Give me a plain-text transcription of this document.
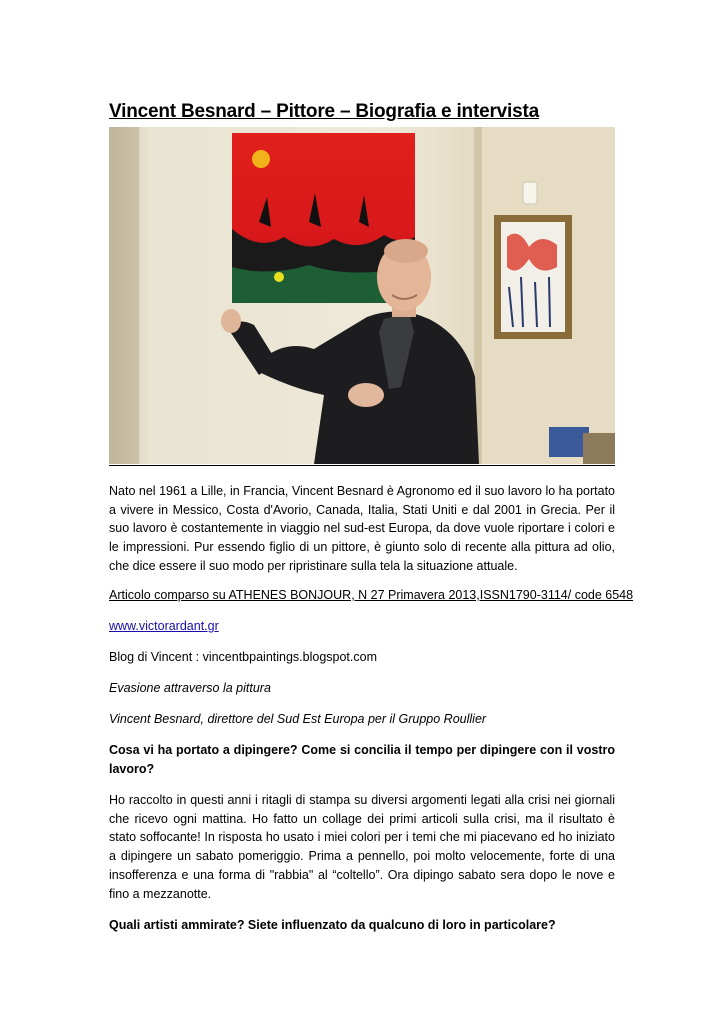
Vincent Besnard – Pittore – Biografia e intervista

Nato nel 1961 a Lille, in Francia, Vincent Besnard è Agronomo ed il suo lavoro lo ha portato a vivere in Messico, Costa d'Avorio, Canada, Italia, Stati Uniti e dal 2001 in Grecia. Per il suo lavoro è costantemente in viaggio nel sud-est Europa, da dove vuole riportare i colori e le impressioni. Pur essendo figlio di un pittore, è giunto solo di recente alla pittura ad olio, che dice essere il suo modo per ripristinare sulla tela la situazione attuale.

Articolo comparso su ATHENES BONJOUR, N 27 Primavera 2013,ISSN1790-3114/ code 6548

www.victorardant.gr

Blog di Vincent : vincentbpaintings.blogspot.com

Evasione attraverso la pittura

Vincent Besnard, direttore del Sud Est Europa per il Gruppo Roullier

Cosa vi ha portato a dipingere? Come si concilia il tempo per dipingere con il vostro lavoro?

Ho raccolto in questi anni i ritagli di stampa su diversi argomenti legati alla crisi nei giornali che ricevo ogni mattina. Ho fatto un collage dei primi articoli sulla crisi, ma il risultato è stato soffocante! In risposta ho usato i miei colori per i temi che mi piacevano ed ho iniziato a dipingere un sabato pomeriggio. Prima a pennello, poi molto velocemente, forte di una insofferenza e una forma di "rabbia" al “coltello”. Ora dipingo sabato sera dopo le nove e fino a mezzanotte.

Quali artisti ammirate? Siete influenzato da qualcuno di loro in particolare?
